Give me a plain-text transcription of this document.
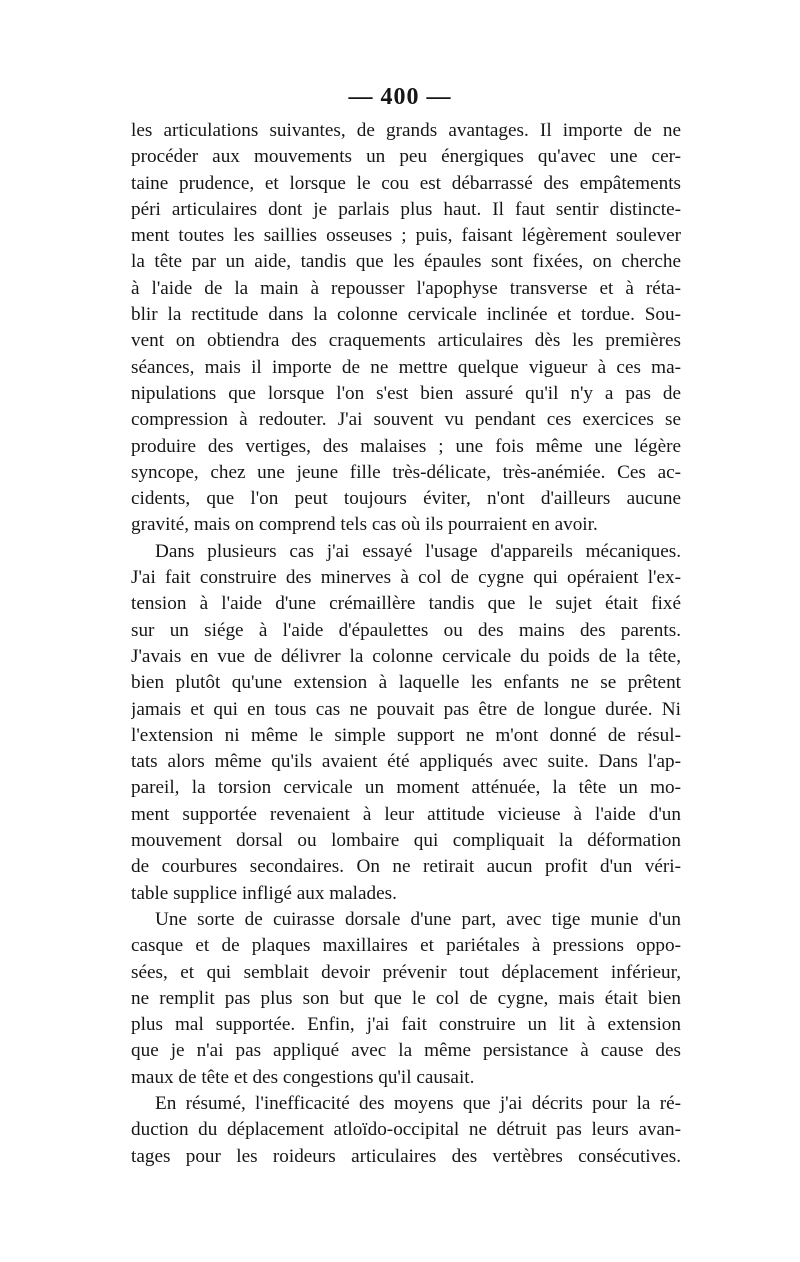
— 400 —
les articulations suivantes, de grands avantages. Il importe de ne
procéder aux mouvements un peu énergiques qu'avec une cer-
taine prudence, et lorsque le cou est débarrassé des empâtements
péri articulaires dont je parlais plus haut. Il faut sentir distincte-
ment toutes les saillies osseuses ; puis, faisant légèrement soulever
la tête par un aide, tandis que les épaules sont fixées, on cherche
à l'aide de la main à repousser l'apophyse transverse et à réta-
blir la rectitude dans la colonne cervicale inclinée et tordue. Sou-
vent on obtiendra des craquements articulaires dès les premières
séances, mais il importe de ne mettre quelque vigueur à ces ma-
nipulations que lorsque l'on s'est bien assuré qu'il n'y a pas de
compression à redouter. J'ai souvent vu pendant ces exercices se
produire des vertiges, des malaises ; une fois même une légère
syncope, chez une jeune fille très-délicate, très-anémiée. Ces ac-
cidents, que l'on peut toujours éviter, n'ont d'ailleurs aucune
gravité, mais on comprend tels cas où ils pourraient en avoir.
Dans plusieurs cas j'ai essayé l'usage d'appareils mécaniques.
J'ai fait construire des minerves à col de cygne qui opéraient l'ex-
tension à l'aide d'une crémaillère tandis que le sujet était fixé
sur un siége à l'aide d'épaulettes ou des mains des parents.
J'avais en vue de délivrer la colonne cervicale du poids de la tête,
bien plutôt qu'une extension à laquelle les enfants ne se prêtent
jamais et qui en tous cas ne pouvait pas être de longue durée. Ni
l'extension ni même le simple support ne m'ont donné de résul-
tats alors même qu'ils avaient été appliqués avec suite. Dans l'ap-
pareil, la torsion cervicale un moment atténuée, la tête un mo-
ment supportée revenaient à leur attitude vicieuse à l'aide d'un
mouvement dorsal ou lombaire qui compliquait la déformation
de courbures secondaires. On ne retirait aucun profit d'un véri-
table supplice infligé aux malades.
Une sorte de cuirasse dorsale d'une part, avec tige munie d'un
casque et de plaques maxillaires et pariétales à pressions oppo-
sées, et qui semblait devoir prévenir tout déplacement inférieur,
ne remplit pas plus son but que le col de cygne, mais était bien
plus mal supportée. Enfin, j'ai fait construire un lit à extension
que je n'ai pas appliqué avec la même persistance à cause des
maux de tête et des congestions qu'il causait.
En résumé, l'inefficacité des moyens que j'ai décrits pour la ré-
duction du déplacement atloïdo-occipital ne détruit pas leurs avan-
tages pour les roideurs articulaires des vertèbres consécutives.
